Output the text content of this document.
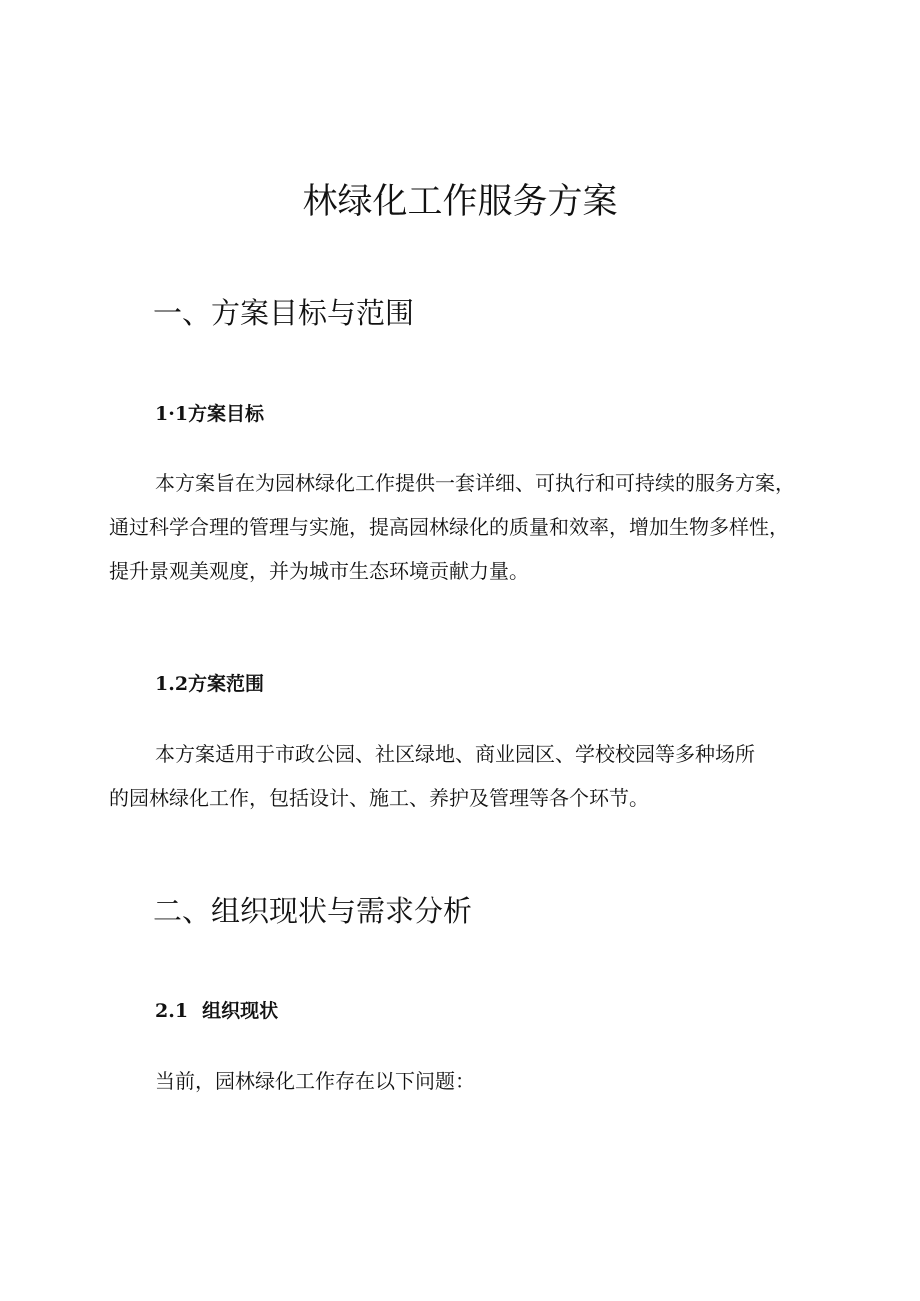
林绿化工作服务方案
一、方案目标与范围
1·1方案目标
本方案旨在为园林绿化工作提供一套详细、可执行和可持续的服务方案，
通过科学合理的管理与实施，提高园林绿化的质量和效率，增加生物多样性，
提升景观美观度，并为城市生态环境贡献力量。
1.2方案范围
本方案适用于市政公园、社区绿地、商业园区、学校校园等多种场所
的园林绿化工作，包括设计、施工、养护及管理等各个环节。
二、组织现状与需求分析
2.1 组织现状

当前，园林绿化工作存在以下问题：
